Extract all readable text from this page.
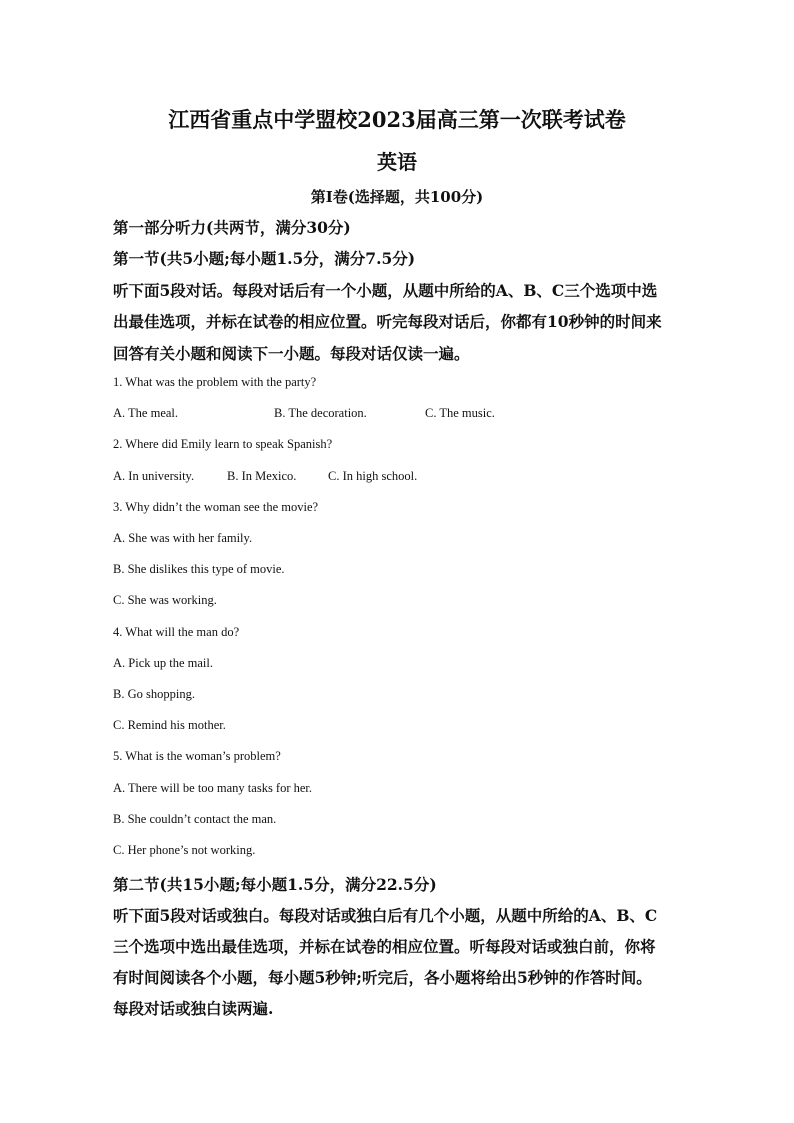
江西省重点中学盟校2023届高三第一次联考试卷
英语
第I卷(选择题，共100分)
第一部分听力(共两节，满分30分)
第一节(共5小题;每小题1.5分，满分7.5分)
听下面5段对话。每段对话后有一个小题，从题中所给的A、B、C三个选项中选
出最佳选项，并标在试卷的相应位置。听完每段对话后，你都有10秒钟的时间来
回答有关小题和阅读下一小题。每段对话仅读一遍。
1. What was the problem with the party?
A. The meal.	B. The decoration.	C. The music.
2. Where did Emily learn to speak Spanish?
A. In university.	B. In Mexico.	C. In high school.
3. Why didn’t the woman see the movie?
A. She was with her family.
B. She dislikes this type of movie.
C. She was working.
4. What will the man do?
A. Pick up the mail.
B. Go shopping.
C. Remind his mother.
5. What is the woman’s problem?
A. There will be too many tasks for her.
B. She couldn’t contact the man.
C. Her phone’s not working.
第二节(共15小题;每小题1.5分，满分22.5分)
听下面5段对话或独白。每段对话或独白后有几个小题，从题中所给的A、B、C
三个选项中选出最佳选项，并标在试卷的相应位置。听每段对话或独白前，你将
有时间阅读各个小题，每小题5秒钟;听完后，各小题将给出5秒钟的作答时间。
每段对话或独白读两遍.
